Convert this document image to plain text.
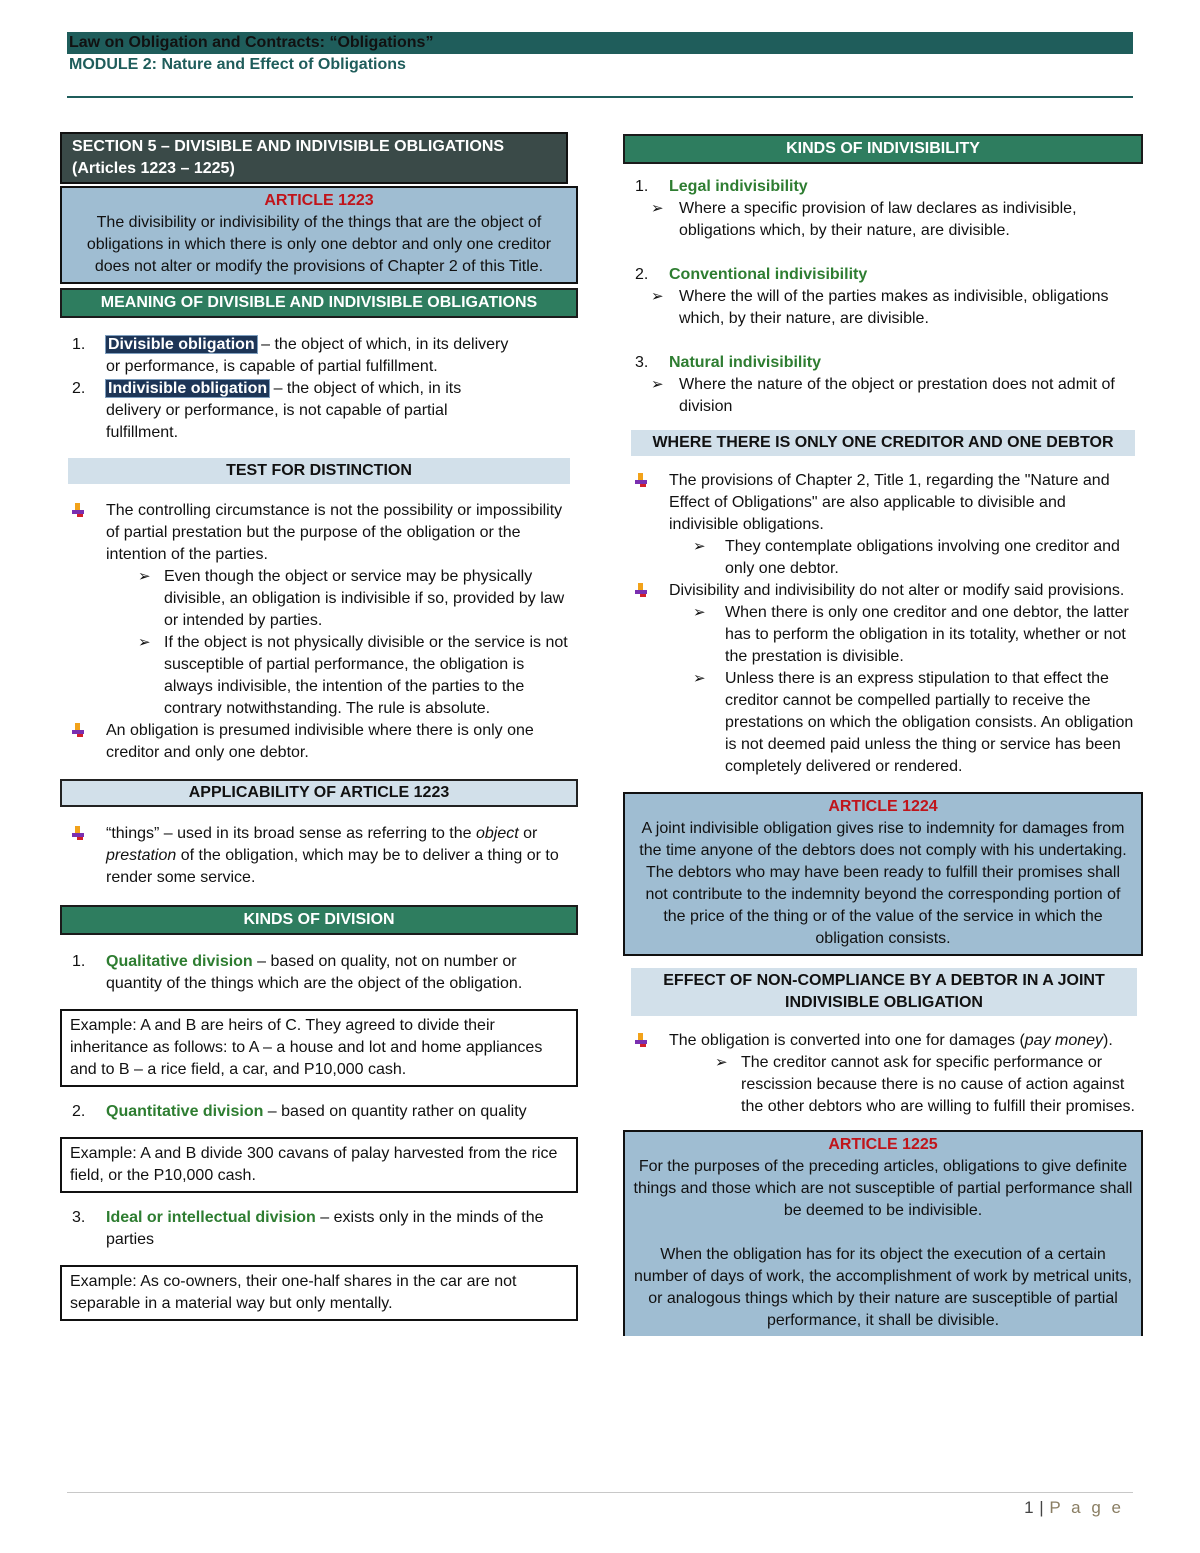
Law on Obligation and Contracts: “Obligations”
MODULE 2: Nature and Effect of Obligations
SECTION 5 – DIVISIBLE AND INDIVISIBLE OBLIGATIONS
(Articles 1223 – 1225)
ARTICLE 1223
The divisibility or indivisibility of the things that are the object of obligations in which there is only one debtor and only one creditor does not alter or modify the provisions of Chapter 2 of this Title.
MEANING OF DIVISIBLE AND INDIVISIBLE OBLIGATIONS
1. Divisible obligation – the object of which, in its delivery or performance, is capable of partial fulfillment.
2. Indivisible obligation – the object of which, in its delivery or performance, is not capable of partial fulfillment.
TEST FOR DISTINCTION
The controlling circumstance is not the possibility or impossibility of partial prestation but the purpose of the obligation or the intention of the parties.
➢ Even though the object or service may be physically divisible, an obligation is indivisible if so, provided by law or intended by parties.
➢ If the object is not physically divisible or the service is not susceptible of partial performance, the obligation is always indivisible, the intention of the parties to the contrary notwithstanding. The rule is absolute.
An obligation is presumed indivisible where there is only one creditor and only one debtor.
APPLICABILITY OF ARTICLE 1223
“things” – used in its broad sense as referring to the object or prestation of the obligation, which may be to deliver a thing or to render some service.
KINDS OF DIVISION
1. Qualitative division – based on quality, not on number or quantity of the things which are the object of the obligation.
Example: A and B are heirs of C. They agreed to divide their inheritance as follows: to A – a house and lot and home appliances and to B – a rice field, a car, and P10,000 cash.
2. Quantitative division – based on quantity rather on quality
Example: A and B divide 300 cavans of palay harvested from the rice field, or the P10,000 cash.
3. Ideal or intellectual division – exists only in the minds of the parties
Example: As co-owners, their one-half shares in the car are not separable in a material way but only mentally.
KINDS OF INDIVISIBILITY
1. Legal indivisibility
➢ Where a specific provision of law declares as indivisible, obligations which, by their nature, are divisible.
2. Conventional indivisibility
➢ Where the will of the parties makes as indivisible, obligations which, by their nature, are divisible.
3. Natural indivisibility
➢ Where the nature of the object or prestation does not admit of division
WHERE THERE IS ONLY ONE CREDITOR AND ONE DEBTOR
The provisions of Chapter 2, Title 1, regarding the "Nature and Effect of Obligations" are also applicable to divisible and indivisible obligations.
➢ They contemplate obligations involving one creditor and only one debtor.
Divisibility and indivisibility do not alter or modify said provisions.
➢ When there is only one creditor and one debtor, the latter has to perform the obligation in its totality, whether or not the prestation is divisible.
➢ Unless there is an express stipulation to that effect the creditor cannot be compelled partially to receive the prestations on which the obligation consists. An obligation is not deemed paid unless the thing or service has been completely delivered or rendered.
ARTICLE 1224
A joint indivisible obligation gives rise to indemnity for damages from the time anyone of the debtors does not comply with his undertaking. The debtors who may have been ready to fulfill their promises shall not contribute to the indemnity beyond the corresponding portion of the price of the thing or of the value of the service in which the obligation consists.
EFFECT OF NON-COMPLIANCE BY A DEBTOR IN A JOINT INDIVISIBLE OBLIGATION
The obligation is converted into one for damages (pay money).
➢ The creditor cannot ask for specific performance or rescission because there is no cause of action against the other debtors who are willing to fulfill their promises.
ARTICLE 1225
For the purposes of the preceding articles, obligations to give definite things and those which are not susceptible of partial performance shall be deemed to be indivisible.
When the obligation has for its object the execution of a certain number of days of work, the accomplishment of work by metrical units, or analogous things which by their nature are susceptible of partial performance, it shall be divisible.
1 | P a g e
